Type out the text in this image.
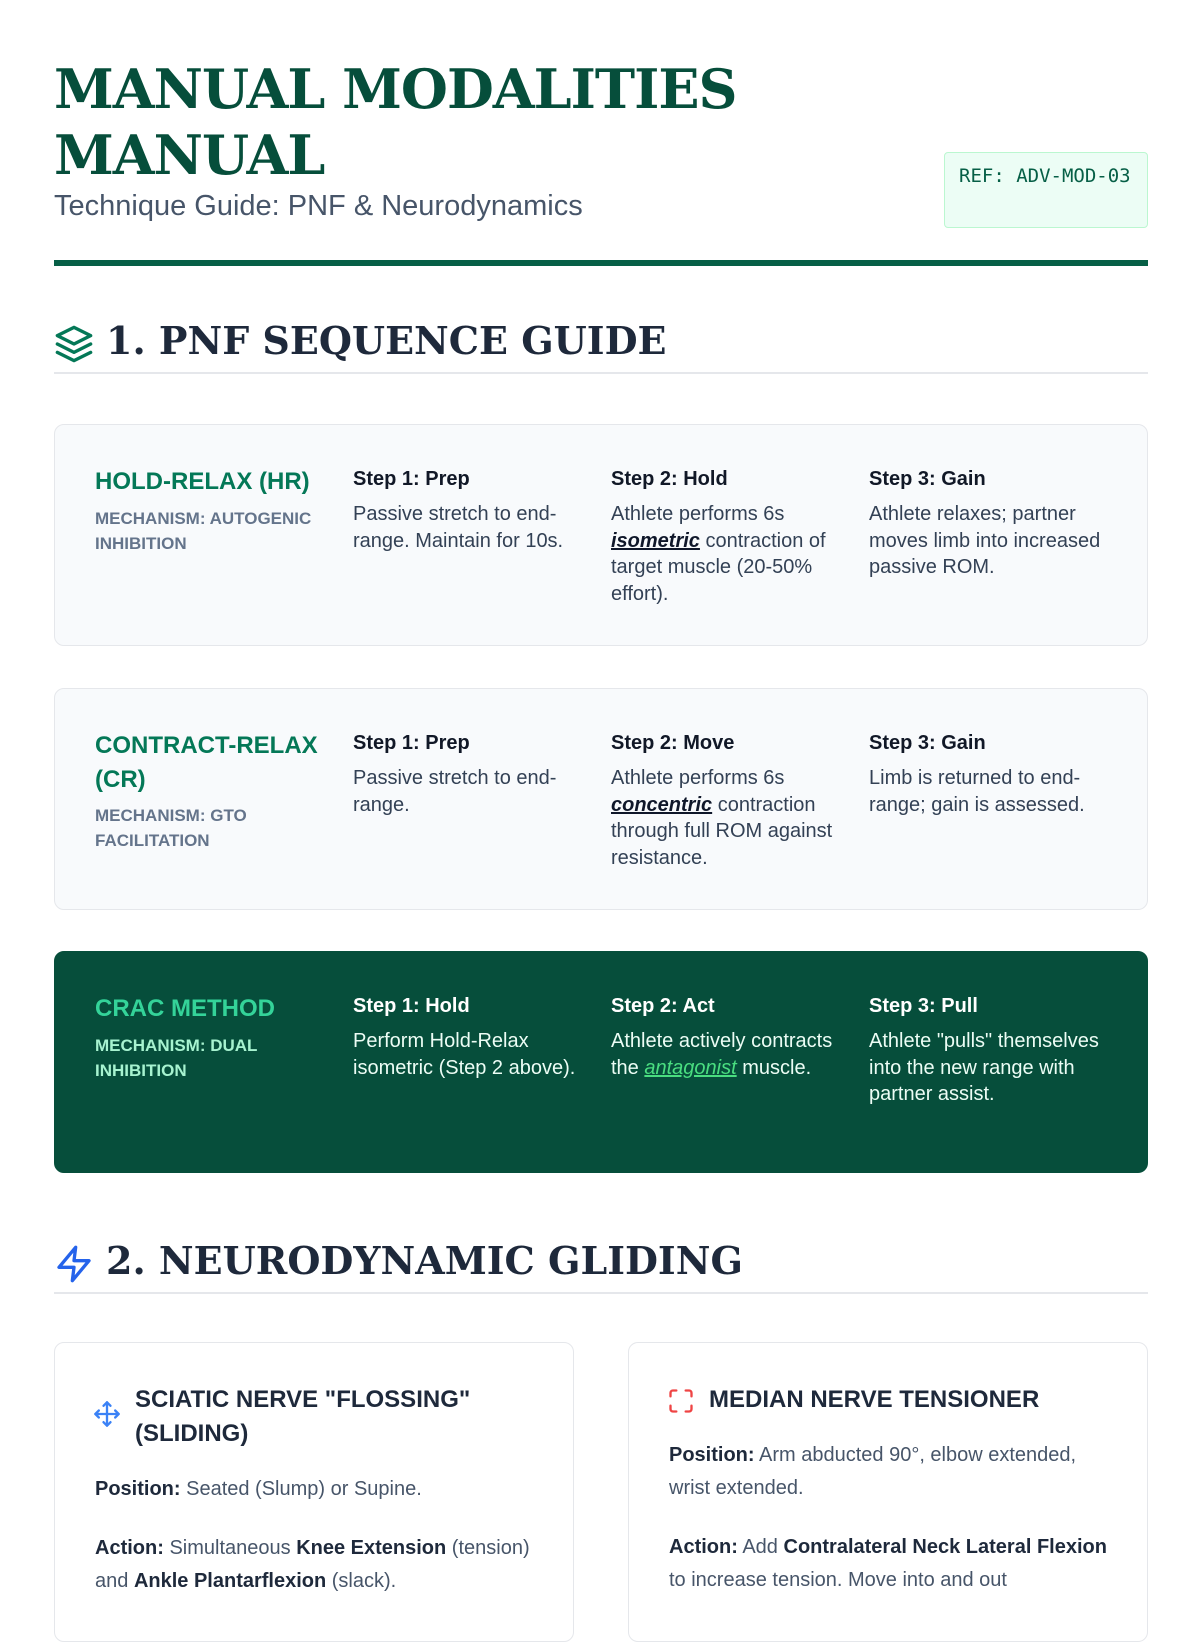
MANUAL MODALITIES MANUAL

Technique Guide: PNF & Neurodynamics

REF: ADV-MOD-03
1. PNF SEQUENCE GUIDE
HOLD-RELAX (HR)
MECHANISM: AUTOGENIC INHIBITION

Step 1: Prep

Passive stretch to end-range. Maintain for 10s.

Step 2: Hold

Athlete performs 6s isometric contraction of target muscle (20-50% effort).

Step 3: Gain

Athlete relaxes; partner moves limb into increased passive ROM.

CONTRACT-RELAX (CR)
MECHANISM: GTO FACILITATION

Step 1: Prep

Passive stretch to end-range.

Step 2: Move

Athlete performs 6s concentric contraction through full ROM against resistance.

Step 3: Gain

Limb is returned to end-range; gain is assessed.

CRAC METHOD
MECHANISM: DUAL INHIBITION

Step 1: Hold

Perform Hold-Relax isometric (Step 2 above).

Step 2: Act

Athlete actively contracts the antagonist muscle.

Step 3: Pull

Athlete "pulls" themselves into the new range with partner assist.

2. NEURODYNAMIC GLIDING
SCIATIC NERVE "FLOSSING" (SLIDING)

Position: Seated (Slump) or Supine.

Action: Simultaneous Knee Extension (tension) and Ankle Plantarflexion (slack).

MEDIAN NERVE TENSIONER

Position: Arm abducted 90°, elbow extended, wrist extended.

Action: Add Contralateral Neck Lateral Flexion to increase tension. Move into and out
